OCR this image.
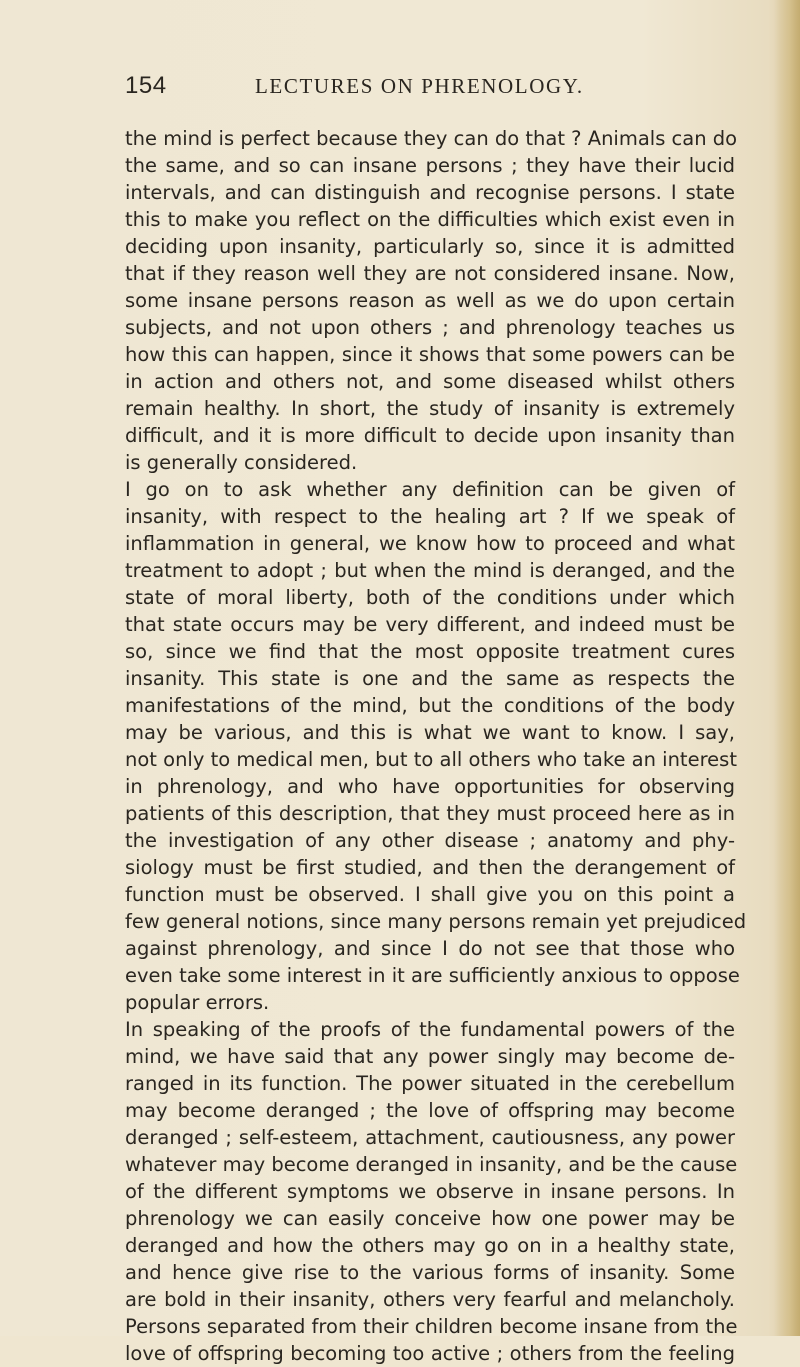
154	LECTURES ON PHRENOLOGY.
the mind is perfect because they can do that ? Animals can do
the same, and so can insane persons ; they have their lucid
intervals, and can distinguish and recognise persons. I state
this to make you reflect on the difficulties which exist even in
deciding upon insanity, particularly so, since it is admitted
that if they reason well they are not considered insane. Now,
some insane persons reason as well as we do upon certain
subjects, and not upon others ; and phrenology teaches us
how this can happen, since it shows that some powers can be
in action and others not, and some diseased whilst others
remain healthy. In short, the study of insanity is extremely
difficult, and it is more difficult to decide upon insanity than
is generally considered.
I go on to ask whether any definition can be given of
insanity, with respect to the healing art ? If we speak of
inflammation in general, we know how to proceed and what
treatment to adopt ; but when the mind is deranged, and the
state of moral liberty, both of the conditions under which
that state occurs may be very different, and indeed must be
so, since we find that the most opposite treatment cures
insanity. This state is one and the same as respects the
manifestations of the mind, but the conditions of the body
may be various, and this is what we want to know. I say,
not only to medical men, but to all others who take an interest
in phrenology, and who have opportunities for observing
patients of this description, that they must proceed here as in
the investigation of any other disease ; anatomy and phy-
siology must be first studied, and then the derangement of
function must be observed. I shall give you on this point a
few general notions, since many persons remain yet prejudiced
against phrenology, and since I do not see that those who
even take some interest in it are sufficiently anxious to oppose
popular errors.
In speaking of the proofs of the fundamental powers of the
mind, we have said that any power singly may become de-
ranged in its function. The power situated in the cerebellum
may become deranged ; the love of offspring may become
deranged ; self-esteem, attachment, cautiousness, any power
whatever may become deranged in insanity, and be the cause
of the different symptoms we observe in insane persons. In
phrenology we can easily conceive how one power may be
deranged and how the others may go on in a healthy state,
and hence give rise to the various forms of insanity. Some
are bold in their insanity, others very fearful and melancholy.
Persons separated from their children become insane from the
love of offspring becoming too active ; others from the feeling
